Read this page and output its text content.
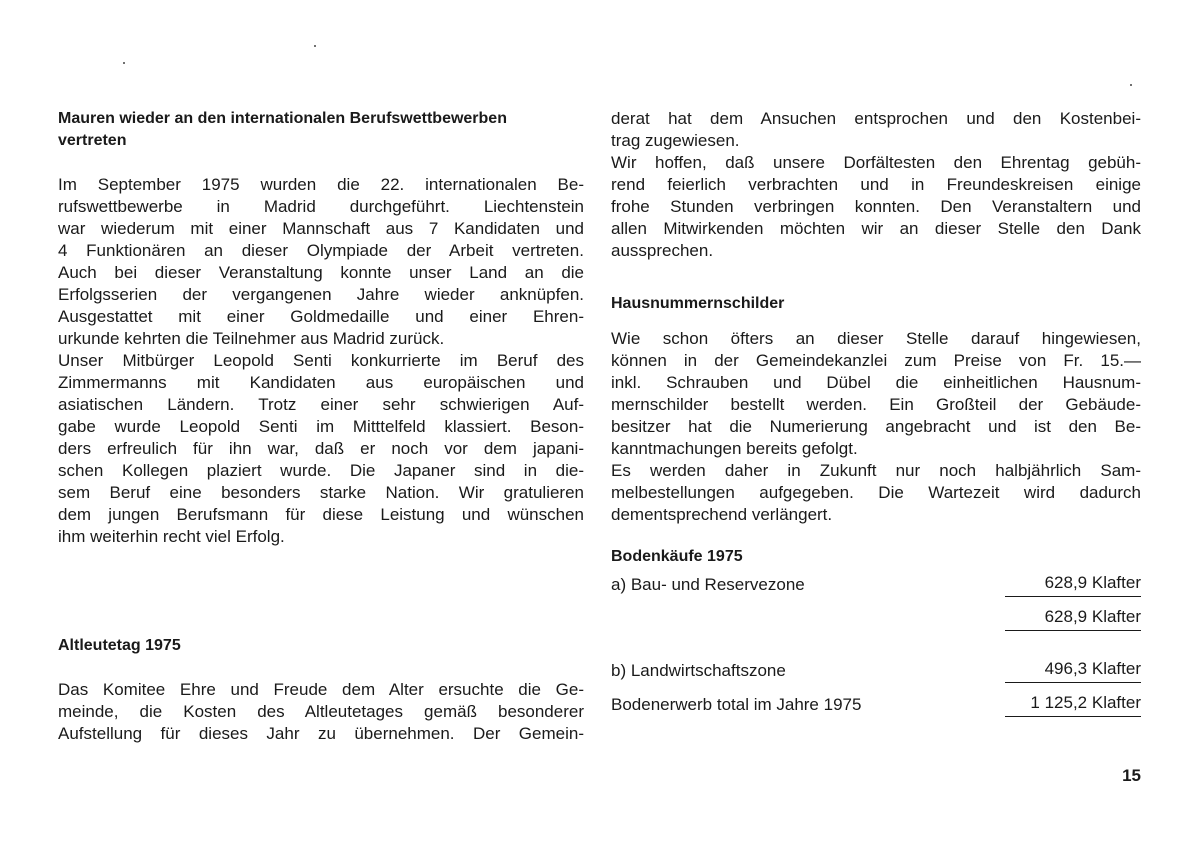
Mauren wieder an den internationalen Berufswettbewerben
vertreten
Im September 1975 wurden die 22. internationalen Be-
rufswettbewerbe in Madrid durchgeführt. Liechtenstein
war wiederum mit einer Mannschaft aus 7 Kandidaten und
4 Funktionären an dieser Olympiade der Arbeit vertreten.
Auch bei dieser Veranstaltung konnte unser Land an die
Erfolgsserien der vergangenen Jahre wieder anknüpfen.
Ausgestattet mit einer Goldmedaille und einer Ehren-
urkunde kehrten die Teilnehmer aus Madrid zurück.
Unser Mitbürger Leopold Senti konkurrierte im Beruf des
Zimmermanns mit Kandidaten aus europäischen und
asiatischen Ländern. Trotz einer sehr schwierigen Auf-
gabe wurde Leopold Senti im Mitttelfeld klassiert. Beson-
ders erfreulich für ihn war, daß er noch vor dem japani-
schen Kollegen plaziert wurde. Die Japaner sind in die-
sem Beruf eine besonders starke Nation. Wir gratulieren
dem jungen Berufsmann für diese Leistung und wünschen
ihm weiterhin recht viel Erfolg.
Altleutetag 1975
Das Komitee Ehre und Freude dem Alter ersuchte die Ge-
meinde, die Kosten des Altleutetages gemäß besonderer
Aufstellung für dieses Jahr zu übernehmen. Der Gemein-
derat hat dem Ansuchen entsprochen und den Kostenbei-
trag zugewiesen.
Wir hoffen, daß unsere Dorfältesten den Ehrentag gebüh-
rend feierlich verbrachten und in Freundeskreisen einige
frohe Stunden verbringen konnten. Den Veranstaltern und
allen Mitwirkenden möchten wir an dieser Stelle den Dank
aussprechen.
Hausnummernschilder
Wie schon öfters an dieser Stelle darauf hingewiesen,
können in der Gemeindekanzlei zum Preise von Fr. 15.—
inkl. Schrauben und Dübel die einheitlichen Hausnum-
mernschilder bestellt werden. Ein Großteil der Gebäude-
besitzer hat die Numerierung angebracht und ist den Be-
kanntmachungen bereits gefolgt.
Es werden daher in Zukunft nur noch halbjährlich Sam-
melbestellungen aufgegeben. Die Wartezeit wird dadurch
dementsprechend verlängert.
Bodenkäufe 1975
a) Bau- und Reservezone	628,9 Klafter
	628,9 Klafter

b) Landwirtschaftszone	496,3 Klafter
Bodenerwerb total im Jahre 1975	1 125,2 Klafter
15
